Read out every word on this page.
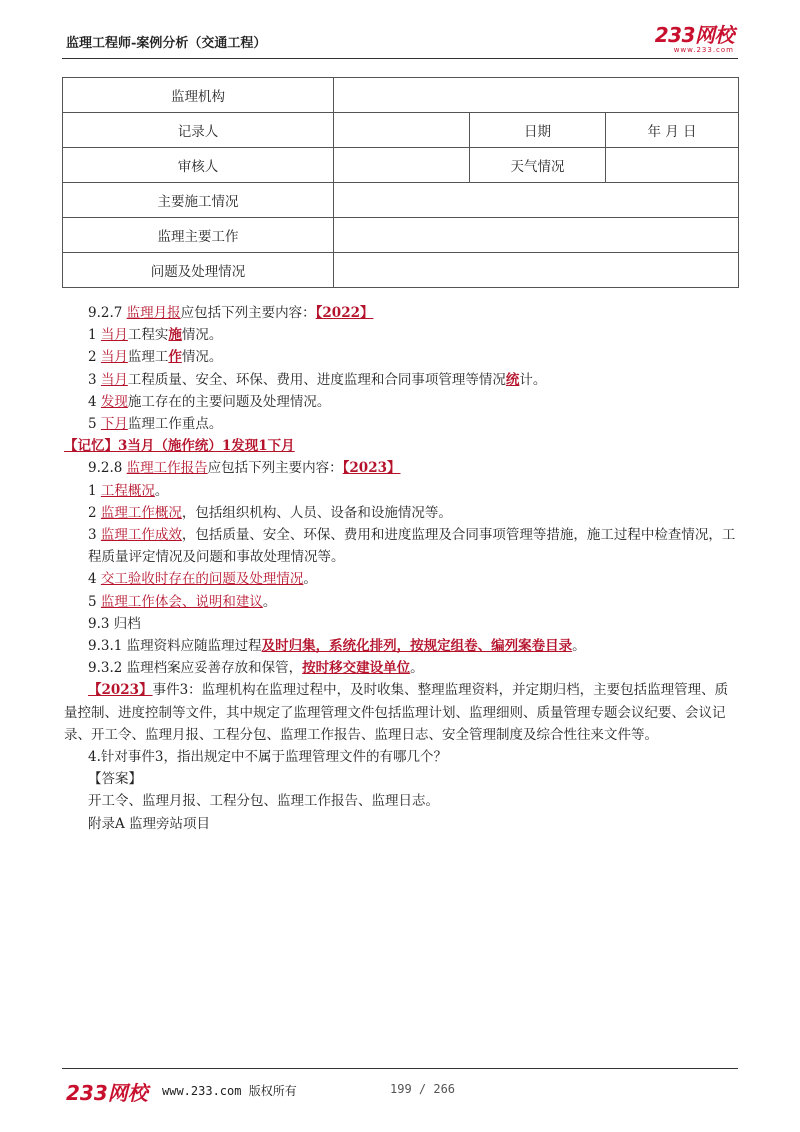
监理工程师-案例分析（交通工程）	233网校
www.233.com
监理机构			
记录人		日期	年 月 日
审核人		天气情况	
主要施工情况			
监理主要工作			
问题及处理情况			
9.2.7 监理月报应包括下列主要内容：【2022】
1 当月工程实施情况。
2 当月监理工作情况。
3 当月工程质量、安全、环保、费用、进度监理和合同事项管理等情况统计。
4 发现施工存在的主要问题及处理情况。
5 下月监理工作重点。
【记忆】3当月（施作统）1发现1下月
9.2.8 监理工作报告应包括下列主要内容：【2023】
1 工程概况。
2 监理工作概况，包括组织机构、人员、设备和设施情况等。
3 监理工作成效，包括质量、安全、环保、费用和进度监理及合同事项管理等措施，施工过程中检查情况，工程质量评定情况及问题和事故处理情况等。
4 交工验收时存在的问题及处理情况。
5 监理工作体会、说明和建议。
9.3 归档
9.3.1 监理资料应随监理过程及时归集，系统化排列，按规定组卷、编列案卷目录。
9.3.2 监理档案应妥善存放和保管，按时移交建设单位。
【2023】事件3：监理机构在监理过程中，及时收集、整理监理资料，并定期归档，主要包括监理管理、质量控制、进度控制等文件，其中规定了监理管理文件包括监理计划、监理细则、质量管理专题会议纪要、会议记录、开工令、监理月报、工程分包、监理工作报告、监理日志、安全管理制度及综合性往来文件等。
4.针对事件3，指出规定中不属于监理管理文件的有哪几个？
【答案】
开工令、监理月报、工程分包、监理工作报告、监理日志。
附录A 监理旁站项目
233网校 www.233.com 版权所有	199 / 266
